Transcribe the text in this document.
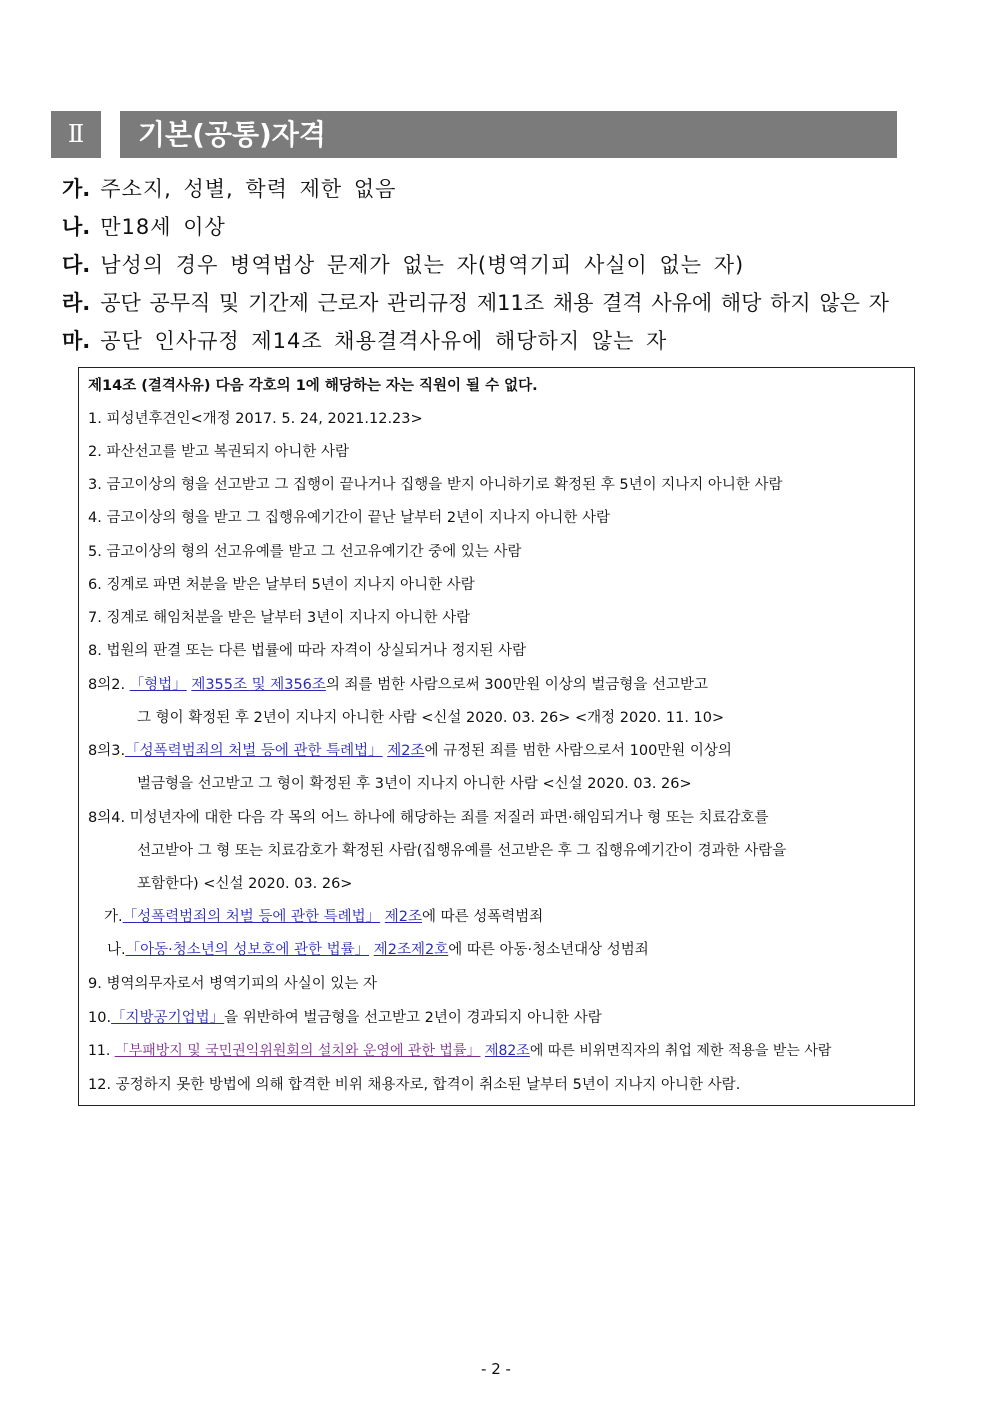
Ⅱ	기본(공통)자격
가. 주소지, 성별, 학력 제한 없음
나. 만18세 이상
다. 남성의 경우 병역법상 문제가 없는 자(병역기피 사실이 없는 자)
라. 공단 공무직 및 기간제 근로자 관리규정 제11조 채용 결격 사유에 해당 하지 않은 자
마. 공단 인사규정 제14조 채용결격사유에 해당하지 않는 자
제14조 (결격사유) 다음 각호의 1에 해당하는 자는 직원이 될 수 없다.
1. 피성년후견인<개정 2017. 5. 24, 2021.12.23>
2. 파산선고를 받고 복권되지 아니한 사람
3. 금고이상의 형을 선고받고 그 집행이 끝나거나 집행을 받지 아니하기로 확정된 후 5년이 지나지 아니한 사람
4. 금고이상의 형을 받고 그 집행유예기간이 끝난 날부터 2년이 지나지 아니한 사람
5. 금고이상의 형의 선고유예를 받고 그 선고유예기간 중에 있는 사람
6. 징계로 파면 처분을 받은 날부터 5년이 지나지 아니한 사람
7. 징계로 해임처분을 받은 날부터 3년이 지나지 아니한 사람
8. 법원의 판결 또는 다른 법률에 따라 자격이 상실되거나 정지된 사람
8의2. 「형법」 제355조 및 제356조의 죄를 범한 사람으로써 300만원 이상의 벌금형을 선고받고
그 형이 확정된 후 2년이 지나지 아니한 사람 <신설 2020. 03. 26> <개정 2020. 11. 10>
8의3.「성폭력범죄의 처벌 등에 관한 특례법」 제2조에 규정된 죄를 범한 사람으로서 100만원 이상의
벌금형을 선고받고 그 형이 확정된 후 3년이 지나지 아니한 사람 <신설 2020. 03. 26>
8의4. 미성년자에 대한 다음 각 목의 어느 하나에 해당하는 죄를 저질러 파면·해임되거나 형 또는 치료감호를
선고받아 그 형 또는 치료감호가 확정된 사람(집행유예를 선고받은 후 그 집행유예기간이 경과한 사람을
포함한다) <신설 2020. 03. 26>
가.「성폭력범죄의 처벌 등에 관한 특례법」 제2조에 따른 성폭력범죄
나.「아동·청소년의 성보호에 관한 법률」 제2조제2호에 따른 아동·청소년대상 성범죄
9. 병역의무자로서 병역기피의 사실이 있는 자
10.「지방공기업법」을 위반하여 벌금형을 선고받고 2년이 경과되지 아니한 사람
11. 「부패방지 및 국민권익위원회의 설치와 운영에 관한 법률」 제82조에 따른 비위면직자의 취업 제한 적용을 받는 사람
12. 공정하지 못한 방법에 의해 합격한 비위 채용자로, 합격이 취소된 날부터 5년이 지나지 아니한 사람.
- 2 -
